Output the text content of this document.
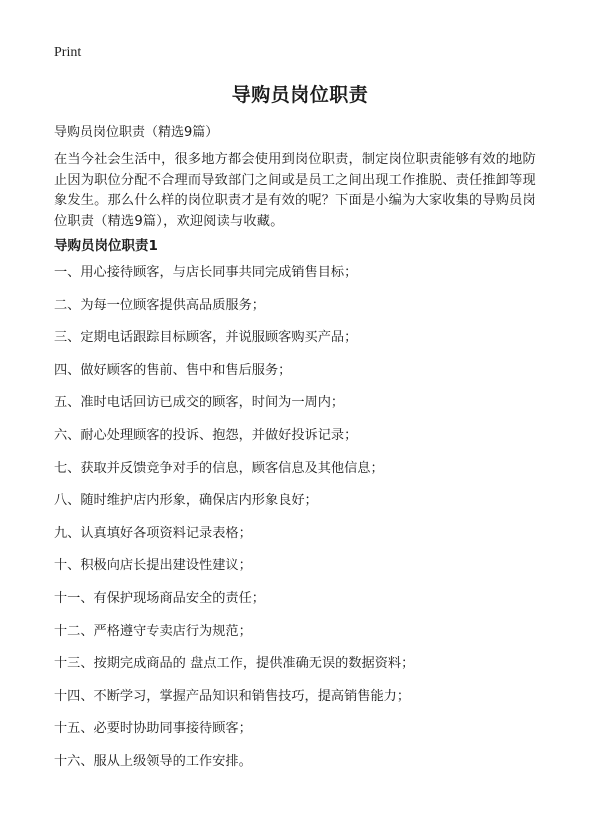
Print
导购员岗位职责
导购员岗位职责（精选9篇）
在当今社会生活中，很多地方都会使用到岗位职责，制定岗位职责能够有效的地防止因为职位分配不合理而导致部门之间或是员工之间出现工作推脱、责任推卸等现象发生。那么什么样的岗位职责才是有效的呢？下面是小编为大家收集的导购员岗位职责（精选9篇），欢迎阅读与收藏。
导购员岗位职责1
一、用心接待顾客，与店长同事共同完成销售目标；
二、为每一位顾客提供高品质服务；
三、定期电话跟踪目标顾客，并说服顾客购买产品；
四、做好顾客的售前、售中和售后服务；
五、准时电话回访已成交的顾客，时间为一周内；
六、耐心处理顾客的投诉、抱怨，并做好投诉记录；
七、获取并反馈竞争对手的信息，顾客信息及其他信息；
八、随时维护店内形象，确保店内形象良好；
九、认真填好各项资料记录表格；
十、积极向店长提出建设性建议；
十一、有保护现场商品安全的责任；
十二、严格遵守专卖店行为规范；
十三、按期完成商品的 盘点工作，提供准确无误的数据资料；
十四、不断学习，掌握产品知识和销售技巧，提高销售能力；
十五、必要时协助同事接待顾客；
十六、服从上级领导的工作安排。
